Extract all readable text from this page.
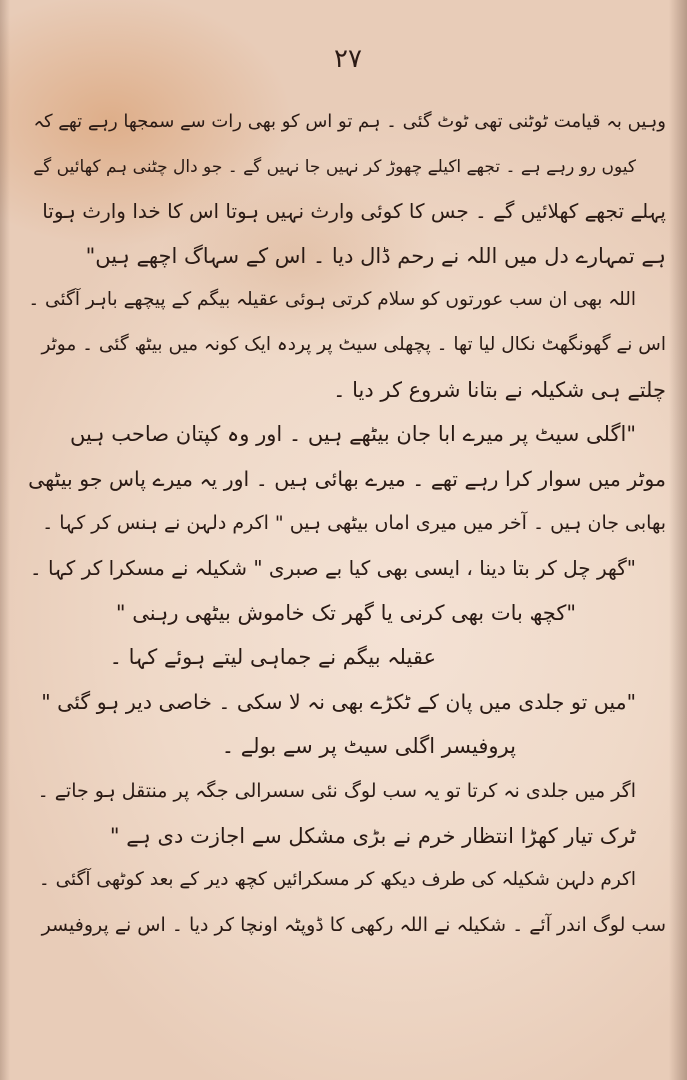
۲۷
وہیں بہ قیامت ٹوٹنی تھی ٹوٹ گئی ۔ ہم تو اس کو بھی رات سے سمجھا رہے تھے کہ
کیوں رو رہے ہے ۔ تجھے اکیلے چھوڑ کر نہیں جا نہیں گے ۔ جو دال چٹنی ہم کھائیں گے
پہلے تجھے کھلائیں گے ۔ جس کا کوئی وارث نہیں ہوتا اس کا خدا وارث ہوتا
ہے تمہارے دل میں اللہ نے رحم ڈال دیا ۔ اس کے سہاگ اچھے ہیں"
اللہ بھی ان سب عورتوں کو سلام کرتی ہوئی عقیلہ بیگم کے پیچھے باہر آگئی ۔
اس نے گھونگھٹ نکال لیا تھا ۔ پچھلی سیٹ پر پردہ ایک کونہ میں بیٹھ گئی ۔ موٹر
چلتے ہی شکیلہ نے بتانا شروع کر دیا ۔
"اگلی سیٹ پر میرے ابا جان بیٹھے ہیں ۔ اور وہ کپتان صاحب ہیں
موٹر میں سوار کرا رہے تھے ۔ میرے بھائی ہیں ۔ اور یہ میرے پاس جو بیٹھی
بھابی جان ہیں ۔ آخر میں میری اماں بیٹھی ہیں " اکرم دلہن نے ہنس کر کہا ۔
"گھر چل کر بتا دینا ، ایسی بھی کیا بے صبری " شکیلہ نے مسکرا کر کہا ۔
"کچھ بات بھی کرنی یا گھر تک خاموش بیٹھی رہنی "
عقیلہ بیگم نے جماہی لیتے ہوئے کہا ۔
"میں تو جلدی میں پان کے ٹکڑے بھی نہ لا سکی ۔ خاصی دیر ہو گئی "
پروفیسر اگلی سیٹ پر سے بولے ۔
اگر میں جلدی نہ کرتا تو یہ سب لوگ نئی سسرالی جگہ پر منتقل ہو جاتے ۔
ٹرک تیار کھڑا انتظار خرم نے بڑی مشکل سے اجازت دی ہے "
اکرم دلہن شکیلہ کی طرف دیکھ کر مسکرائیں کچھ دیر کے بعد کوٹھی آگئی ۔
سب لوگ اندر آئے ۔ شکیلہ نے اللہ رکھی کا ڈوپٹہ اونچا کر دیا ۔ اس نے پروفیسر
